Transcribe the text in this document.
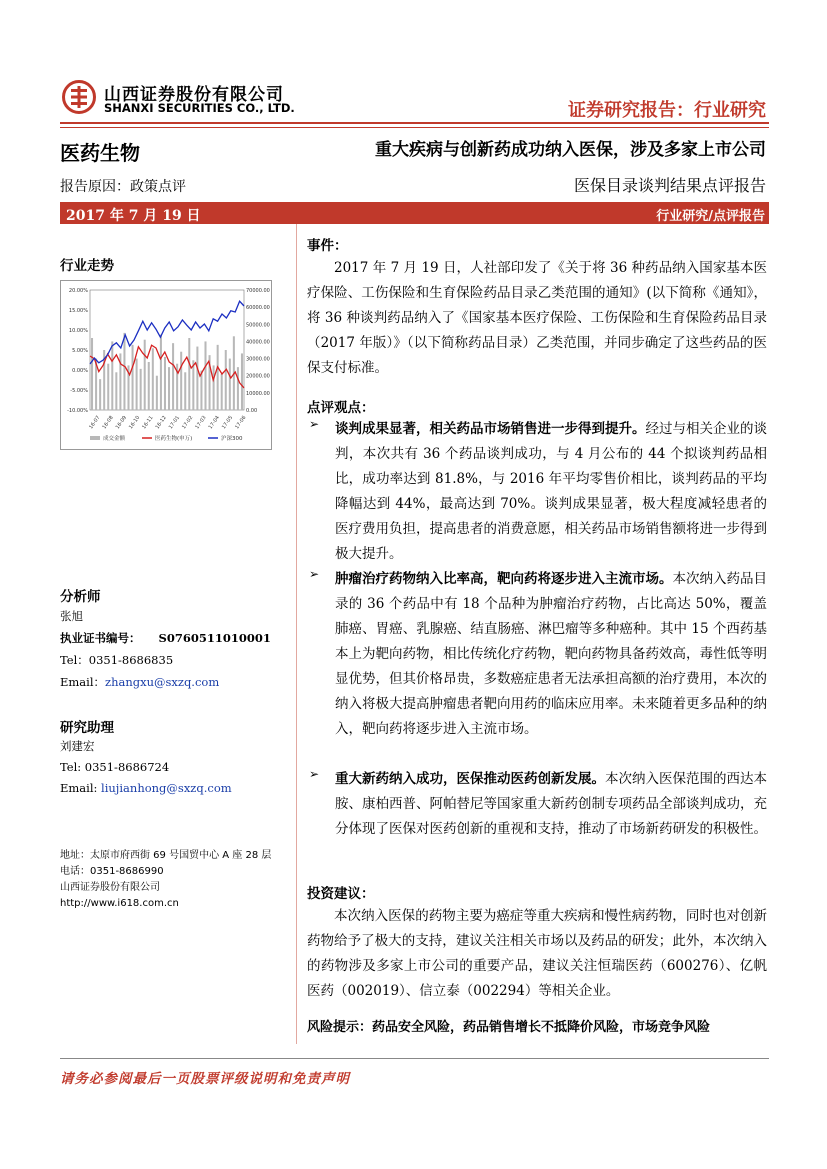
山西证券股份有限公司
SHANXI SECURITIES CO., LTD.	证券研究报告：行业研究
医药生物	重大疾病与创新药成功纳入医保，涉及多家上市公司
报告原因：政策点评	医保目录谈判结果点评报告
2017 年 7 月 19 日	行业研究/点评报告
行业走势
20.00%
15.00%
10.00%
5.00%
0.00%
-5.00%
-10.00%
70000.00
60000.00
50000.00
40000.00
30000.00
20000.00
10000.00
0.00
16-07 16-08 16-09 16-10 16-11 16-12 17-01 17-02 17-03 17-04 17-05 17-06
成交金额	医药生物(申万)	沪深300
分析师
张旭
执业证书编号： S0760511010001
Tel：0351-8686835
Email：zhangxu@sxzq.com
研究助理
刘建宏
Tel: 0351-8686724
Email: liujianhong@sxzq.com
地址：太原市府西街 69 号国贸中心 A 座 28 层
电话：0351-8686990
山西证券股份有限公司
http://www.i618.com.cn
事件：
2017 年 7 月 19 日，人社部印发了《关于将 36 种药品纳入国家基本医疗保险、工伤保险和生育保险药品目录乙类范围的通知》(以下简称《通知》，将 36 种谈判药品纳入了《国家基本医疗保险、工伤保险和生育保险药品目录（2017 年版）》（以下简称药品目录）乙类范围，并同步确定了这些药品的医保支付标准。
点评观点：
➢ 谈判成果显著，相关药品市场销售进一步得到提升。经过与相关企业的谈判，本次共有 36 个药品谈判成功，与 4 月公布的 44 个拟谈判药品相比，成功率达到 81.8%，与 2016 年平均零售价相比，谈判药品的平均降幅达到 44%，最高达到 70%。谈判成果显著，极大程度减轻患者的医疗费用负担，提高患者的消费意愿，相关药品市场销售额将进一步得到极大提升。
➢ 肿瘤治疗药物纳入比率高，靶向药将逐步进入主流市场。本次纳入药品目录的 36 个药品中有 18 个品种为肿瘤治疗药物，占比高达 50%，覆盖肺癌、胃癌、乳腺癌、结直肠癌、淋巴瘤等多种癌种。其中 15 个西药基本上为靶向药物，相比传统化疗药物，靶向药物具备药效高，毒性低等明显优势，但其价格昂贵，多数癌症患者无法承担高额的治疗费用，本次的纳入将极大提高肿瘤患者靶向用药的临床应用率。未来随着更多品种的纳入，靶向药将逐步进入主流市场。
➢ 重大新药纳入成功，医保推动医药创新发展。本次纳入医保范围的西达本胺、康柏西普、阿帕替尼等国家重大新药创制专项药品全部谈判成功，充分体现了医保对医药创新的重视和支持，推动了市场新药研发的积极性。
投资建议：
本次纳入医保的药物主要为癌症等重大疾病和慢性病药物，同时也对创新药物给予了极大的支持，建议关注相关市场以及药品的研发；此外，本次纳入的药物涉及多家上市公司的重要产品，建议关注恒瑞医药（600276）、亿帆医药（002019）、信立泰（002294）等相关企业。
风险提示：药品安全风险，药品销售增长不抵降价风险，市场竞争风险
请务必参阅最后一页股票评级说明和免责声明
